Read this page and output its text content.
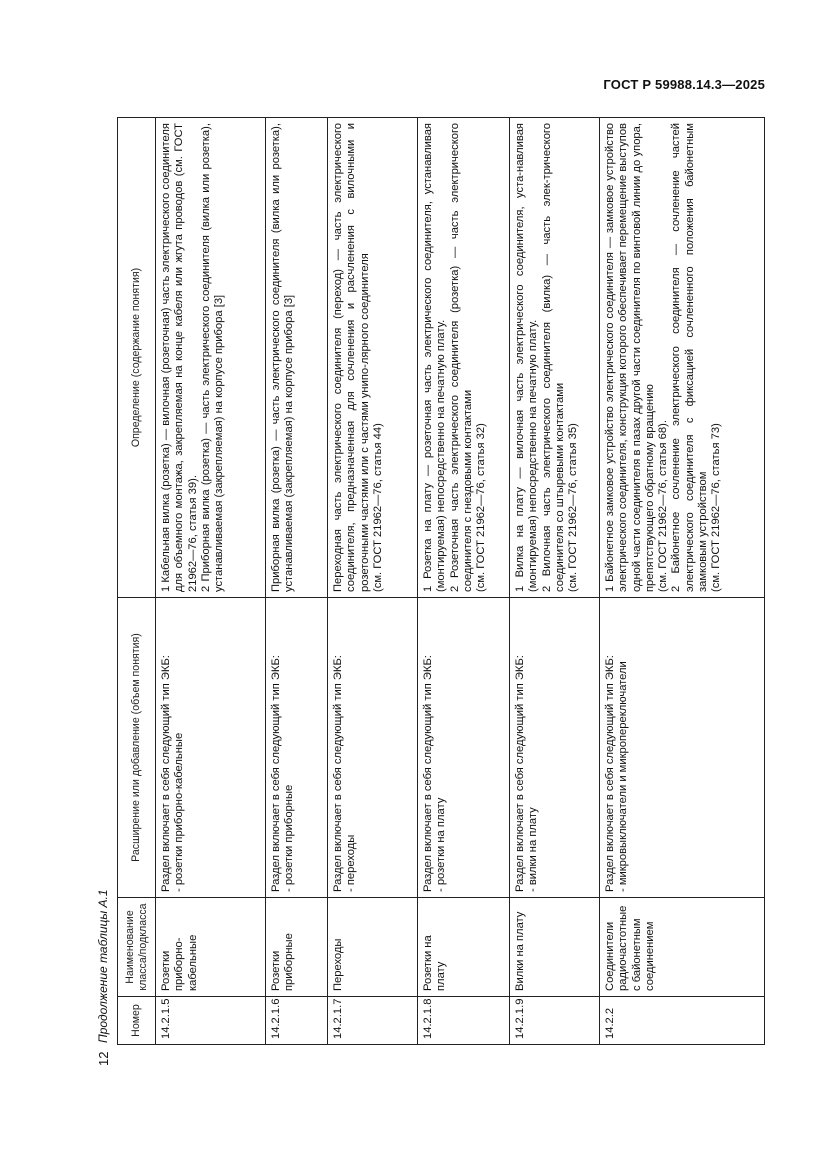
ГОСТ Р 59988.14.3—2025
12
Продолжение таблицы А.1 Номер	Наименование класса/подкласса	Расширение или добавление (объем понятия)	Определение (содержание понятия)
14.2.1.5	Розетки приборно-кабельные	Раздел включает в себя следующий тип ЭКБ: - розетки приборно-кабельные	1 Кабельная вилка (розетка) — вилочная (розеточная) часть электрического соединителя для объемного монтажа, закрепляемая на конце кабеля или жгута проводов (см. ГОСТ 21962—76, статья 39). 2 Приборная вилка (розетка) — часть электрического соединителя (вилка или розетка), устанавливаемая (закрепляемая) на корпусе прибора [3]

14.2.1.6	Розетки приборные	Раздел включает в себя следующий тип ЭКБ: - розетки приборные	Приборная вилка (розетка) — часть электрического соединителя (вилка или розетка), устанавливаемая (закрепляемая) на корпусе прибора [3]

14.2.1.7	Переходы	Раздел включает в себя следующий тип ЭКБ: - переходы	Переходная часть электрического соединителя (переход) — часть электрического соединителя, предназначенная для сочленения и расчленения с вилочными и розеточными частями или с частями унипо-лярного соединителя (см. ГОСТ 21962—76, статья 44)

14.2.1.8	Розетки на плату	Раздел включает в себя следующий тип ЭКБ: - розетки на плату	1 Розетка на плату — розеточная часть электрического соединителя, устанавливая (монтируемая) непосредственно на печатную плату. 2 Розеточная часть электрического соединителя (розетка) — часть электрического соединителя с гнездовыми контактами (см. ГОСТ 21962—76, статья 32)

14.2.1.9	Вилки на плату	Раздел включает в себя следующий тип ЭКБ: - вилки на плату	1 Вилка на плату — вилочная часть электрического соединителя, уста-навливая (монтируемая) непосредственно на печатную плату. 2 Вилочная часть электрического соединителя (вилка) — часть элек-трического соединителя со штыревыми контактами (см. ГОСТ 21962—76, статья 35)

14.2.2	Соединители радиочастотные с байонетным соединением	Раздел включает в себя следующий тип ЭКБ: - микровыключатели и микропереключатели	1 Байонетное замковое устройство электрического соединителя — замковое устройство электрического соединителя, конструкция которого обеспечивает перемещение выступов одной части соединителя в пазах другой части соединителя по винтовой линии до упора, препятствующего обратному вращению (см. ГОСТ 21962—76, статья 68). 2 Байонетное сочленение электрического соединителя — сочленение частей электрического соединителя с фиксацией сочлененного положения байонетным замковым устройством (см. ГОСТ 21962—76, статья 73)
